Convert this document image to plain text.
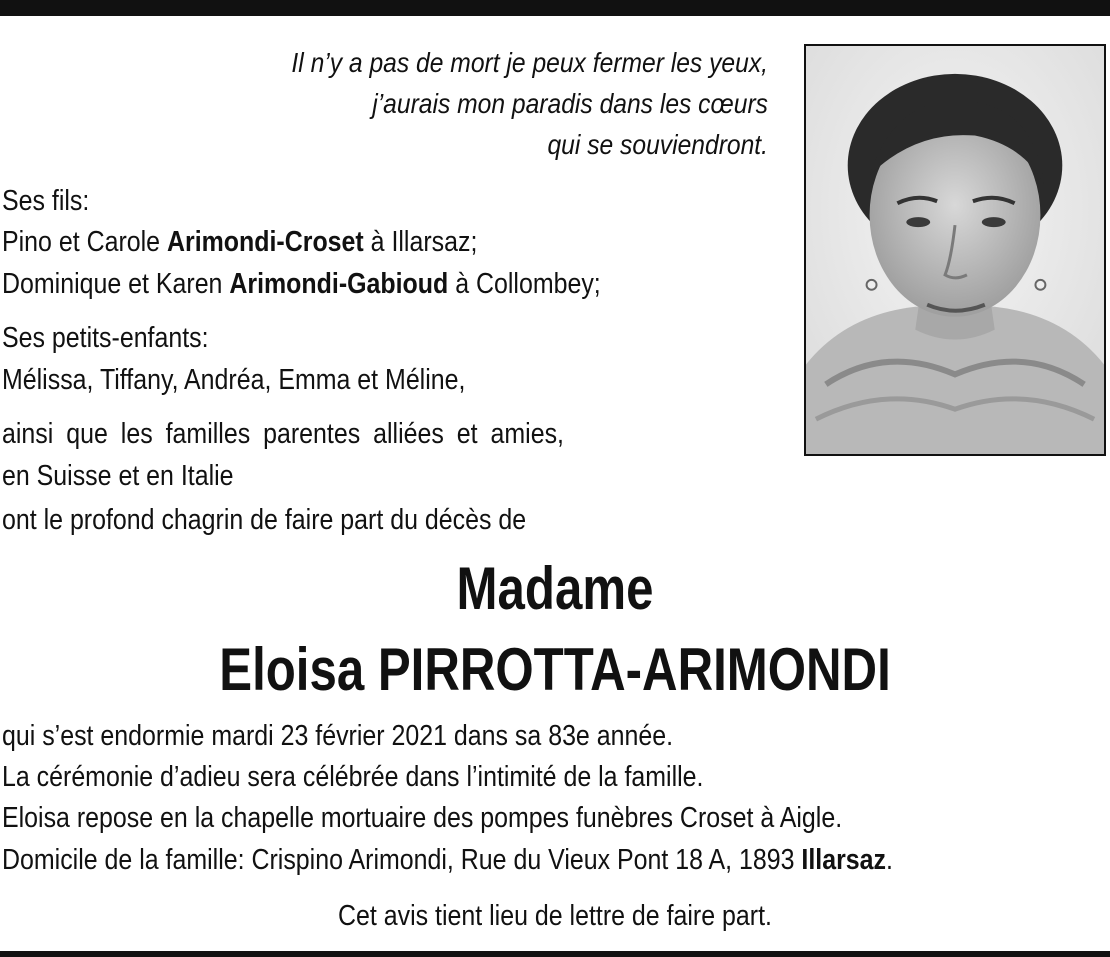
Il n’y a pas de mort je peux fermer les yeux,
j’aurais mon paradis dans les cœurs
qui se souviendront.
Ses fils:
Pino et Carole Arimondi-Croset à Illarsaz;
Dominique et Karen Arimondi-Gabioud à Collombey;
Ses petits-enfants:
Mélissa, Tiffany, Andréa, Emma et Méline,
ainsi que les familles parentes alliées et amies,
en Suisse et en Italie
ont le profond chagrin de faire part du décès de
Madame
Eloisa PIRROTTA-ARIMONDI
qui s’est endormie mardi 23 février 2021 dans sa 83e année.
La cérémonie d’adieu sera célébrée dans l’intimité de la famille.
Eloisa repose en la chapelle mortuaire des pompes funèbres Croset à Aigle.
Domicile de la famille: Crispino Arimondi, Rue du Vieux Pont 18 A, 1893 Illarsaz.
Cet avis tient lieu de lettre de faire part.
